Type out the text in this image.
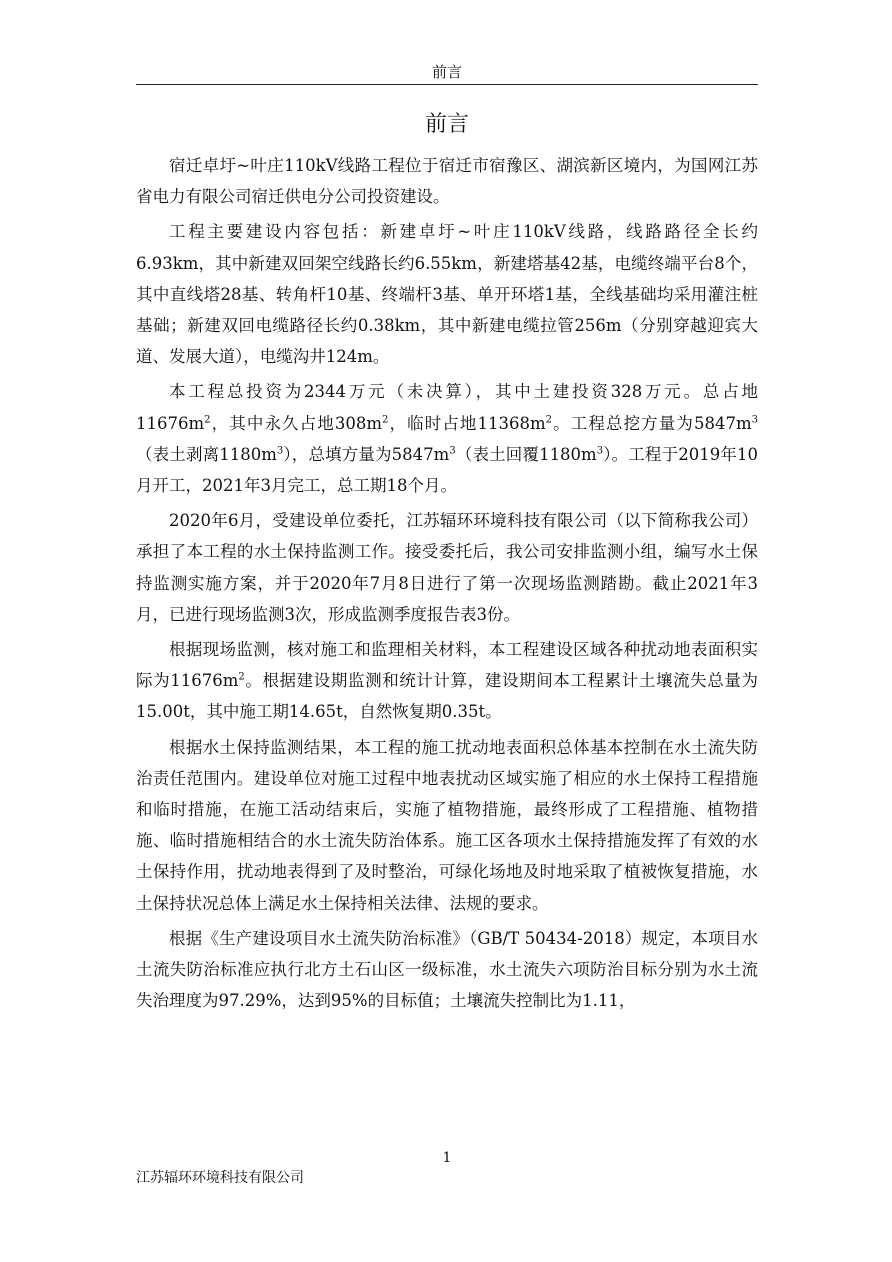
前言
前言

宿迁卓圩~叶庄110kV线路工程位于宿迁市宿豫区、湖滨新区境内，为国网江苏省电力有限公司宿迁供电分公司投资建设。

工程主要建设内容包括：新建卓圩~叶庄110kV线路，线路路径全长约6.93km，其中新建双回架空线路长约6.55km，新建塔基42基，电缆终端平台8个，其中直线塔28基、转角杆10基、终端杆3基、单开环塔1基，全线基础均采用灌注桩基础；新建双回电缆路径长约0.38km，其中新建电缆拉管256m（分别穿越迎宾大道、发展大道），电缆沟井124m。

本工程总投资为2344万元（未决算），其中土建投资328万元。总占地$11676m^2$，其中永久占地$308m^2$，临时占地$11368m^2$。工程总挖方量为$5847m^3$（表土剥离$1180m^3$），总填方量为$5847m^3$（表土回覆$1180m^3$）。工程于2019年10月开工，2021年3月完工，总工期18个月。

2020年6月，受建设单位委托，江苏辐环环境科技有限公司（以下简称我公司）承担了本工程的水土保持监测工作。接受委托后，我公司安排监测小组，编写水土保持监测实施方案，并于2020年7月8日进行了第一次现场监测踏勘。截止2021年3月，已进行现场监测3次，形成监测季度报告表3份。

根据现场监测，核对施工和监理相关材料，本工程建设区域各种扰动地表面积实际为$11676m^2$。根据建设期监测和统计计算，建设期间本工程累计土壤流失总量为15.00t，其中施工期14.65t，自然恢复期0.35t。

根据水土保持监测结果，本工程的施工扰动地表面积总体基本控制在水土流失防治责任范围内。建设单位对施工过程中地表扰动区域实施了相应的水土保持工程措施和临时措施，在施工活动结束后，实施了植物措施，最终形成了工程措施、植物措施、临时措施相结合的水土流失防治体系。施工区各项水土保持措施发挥了有效的水土保持作用，扰动地表得到了及时整治，可绿化场地及时地采取了植被恢复措施，水土保持状况总体上满足水土保持相关法律、法规的要求。

根据《生产建设项目水土流失防治标准》（GB/T 50434-2018）规定，本项目水土流失防治标准应执行北方土石山区一级标准，水土流失六项防治目标分别为水土流失治理度为97.29%，达到95%的目标值；土壤流失控制比为1.11，

1
江苏辐环环境科技有限公司
